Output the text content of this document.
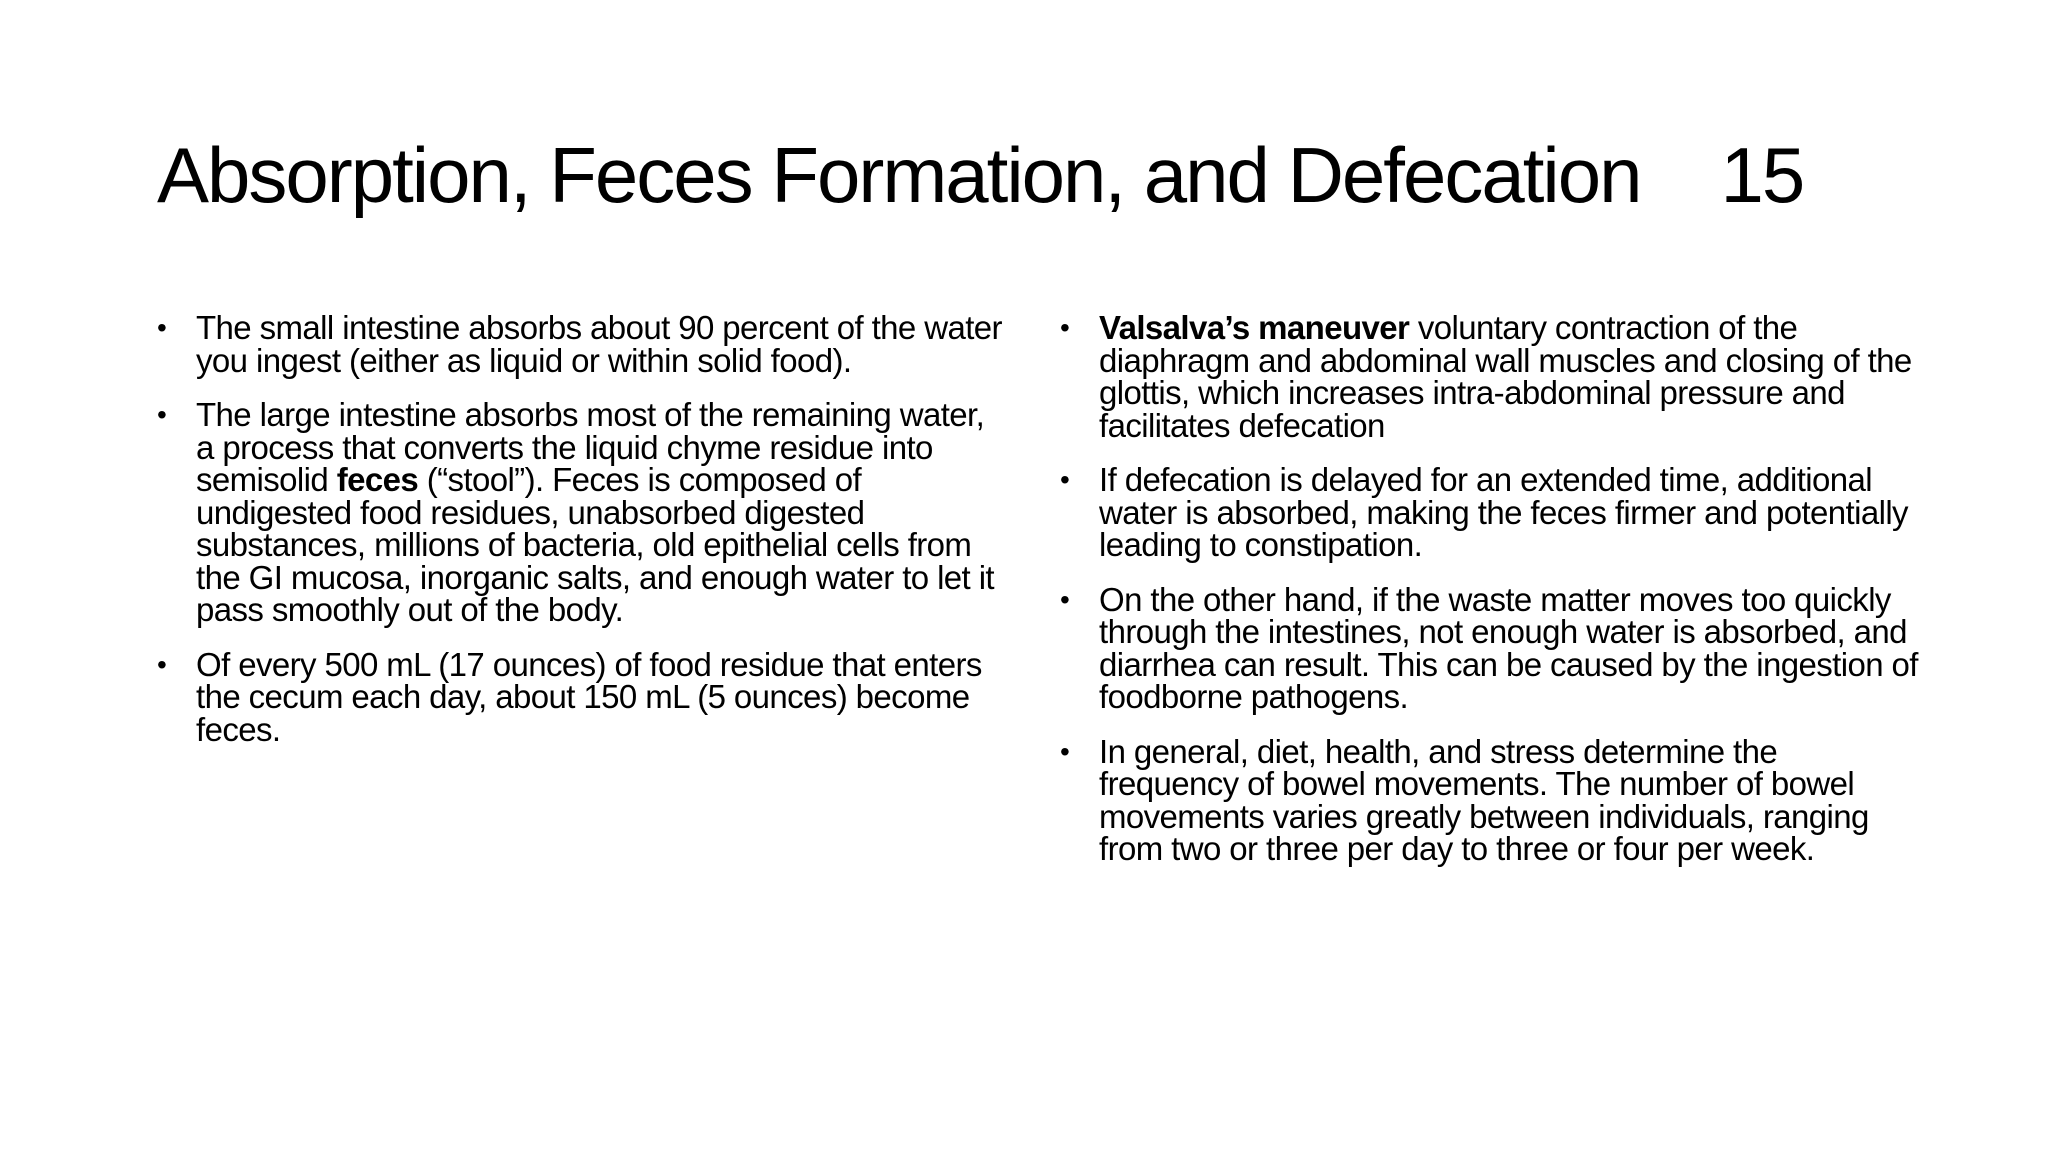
Absorption, Feces Formation, and Defecation 15
• The small intestine absorbs about 90 percent of the water you ingest (either as liquid or within solid food).
• The large intestine absorbs most of the remaining water, a process that converts the liquid chyme residue into semisolid feces (“stool”). Feces is composed of undigested food residues, unabsorbed digested substances, millions of bacteria, old epithelial cells from the GI mucosa, inorganic salts, and enough water to let it pass smoothly out of the body.
• Of every 500 mL (17 ounces) of food residue that enters the cecum each day, about 150 mL (5 ounces) become feces.
• Valsalva’s maneuver voluntary contraction of the diaphragm and abdominal wall muscles and closing of the glottis, which increases intra-abdominal pressure and facilitates defecation
• If defecation is delayed for an extended time, additional water is absorbed, making the feces firmer and potentially leading to constipation.
• On the other hand, if the waste matter moves too quickly through the intestines, not enough water is absorbed, and diarrhea can result. This can be caused by the ingestion of foodborne pathogens.
• In general, diet, health, and stress determine the frequency of bowel movements. The number of bowel movements varies greatly between individuals, ranging from two or three per day to three or four per week.
